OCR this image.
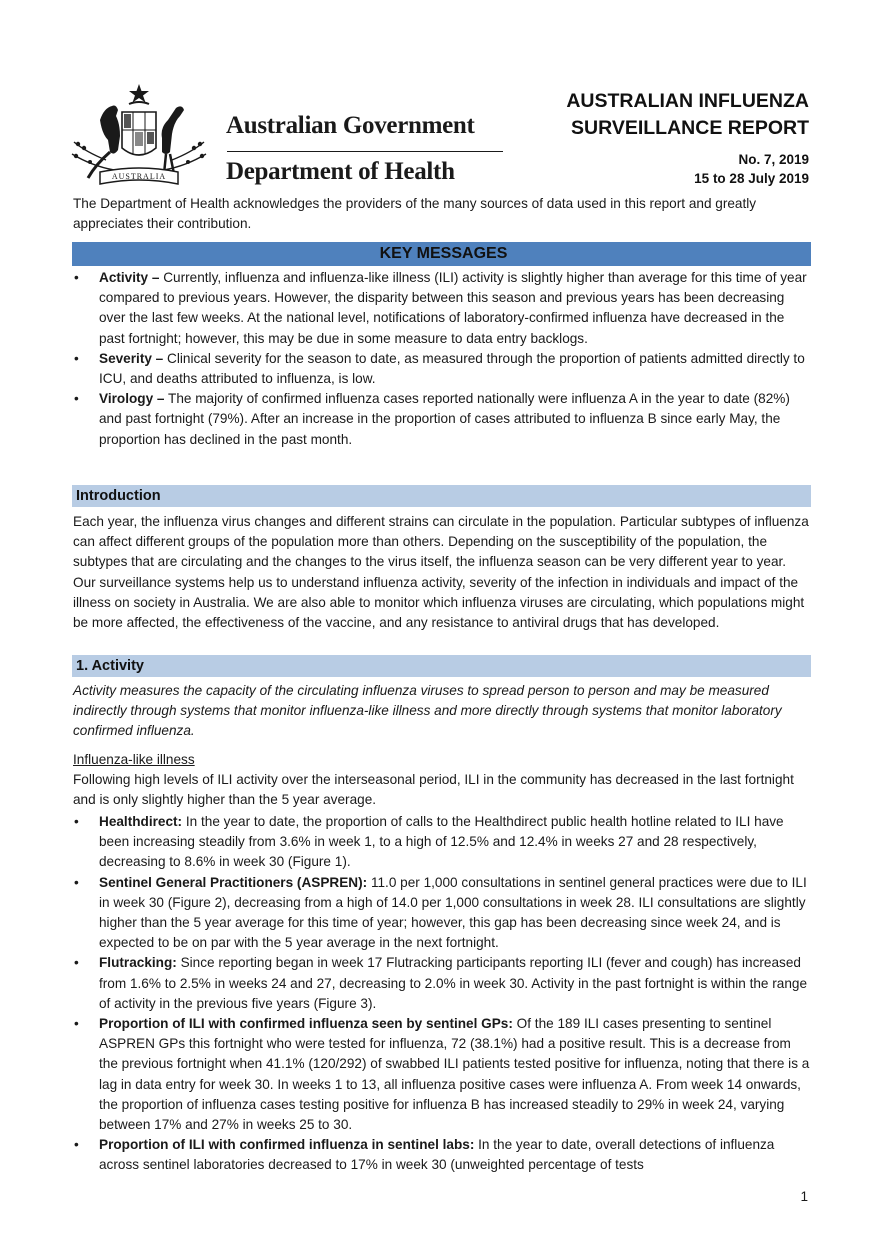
AUSTRALIA
Australian Government
Department of Health
AUSTRALIAN INFLUENZA
SURVEILLANCE REPORT
No. 7, 2019
15 to 28 July 2019
The Department of Health acknowledges the providers of the many sources of data used in this report and greatly appreciates their contribution.
KEY MESSAGES
• Activity – Currently, influenza and influenza-like illness (ILI) activity is slightly higher than average for this time of year compared to previous years. However, the disparity between this season and previous years has been decreasing over the last few weeks. At the national level, notifications of laboratory-confirmed influenza have decreased in the past fortnight; however, this may be due in some measure to data entry backlogs.
• Severity – Clinical severity for the season to date, as measured through the proportion of patients admitted directly to ICU, and deaths attributed to influenza, is low.
• Virology – The majority of confirmed influenza cases reported nationally were influenza A in the year to date (82%) and past fortnight (79%). After an increase in the proportion of cases attributed to influenza B since early May, the proportion has declined in the past month.
Introduction
Each year, the influenza virus changes and different strains can circulate in the population. Particular subtypes of influenza can affect different groups of the population more than others. Depending on the susceptibility of the population, the subtypes that are circulating and the changes to the virus itself, the influenza season can be very different year to year. Our surveillance systems help us to understand influenza activity, severity of the infection in individuals and impact of the illness on society in Australia. We are also able to monitor which influenza viruses are circulating, which populations might be more affected, the effectiveness of the vaccine, and any resistance to antiviral drugs that has developed.
1. Activity
Activity measures the capacity of the circulating influenza viruses to spread person to person and may be measured indirectly through systems that monitor influenza-like illness and more directly through systems that monitor laboratory confirmed influenza.
Influenza-like illness
Following high levels of ILI activity over the interseasonal period, ILI in the community has decreased in the last fortnight and is only slightly higher than the 5 year average.
• Healthdirect: In the year to date, the proportion of calls to the Healthdirect public health hotline related to ILI have been increasing steadily from 3.6% in week 1, to a high of 12.5% and 12.4% in weeks 27 and 28 respectively, decreasing to 8.6% in week 30 (Figure 1).
• Sentinel General Practitioners (ASPREN): 11.0 per 1,000 consultations in sentinel general practices were due to ILI in week 30 (Figure 2), decreasing from a high of 14.0 per 1,000 consultations in week 28. ILI consultations are slightly higher than the 5 year average for this time of year; however, this gap has been decreasing since week 24, and is expected to be on par with the 5 year average in the next fortnight.
• Flutracking: Since reporting began in week 17 Flutracking participants reporting ILI (fever and cough) has increased from 1.6% to 2.5% in weeks 24 and 27, decreasing to 2.0% in week 30. Activity in the past fortnight is within the range of activity in the previous five years (Figure 3).
• Proportion of ILI with confirmed influenza seen by sentinel GPs: Of the 189 ILI cases presenting to sentinel ASPREN GPs this fortnight who were tested for influenza, 72 (38.1%) had a positive result. This is a decrease from the previous fortnight when 41.1% (120/292) of swabbed ILI patients tested positive for influenza, noting that there is a lag in data entry for week 30. In weeks 1 to 13, all influenza positive cases were influenza A. From week 14 onwards, the proportion of influenza cases testing positive for influenza B has increased steadily to 29% in week 24, varying between 17% and 27% in weeks 25 to 30.
• Proportion of ILI with confirmed influenza in sentinel labs: In the year to date, overall detections of influenza across sentinel laboratories decreased to 17% in week 30 (unweighted percentage of tests
1
